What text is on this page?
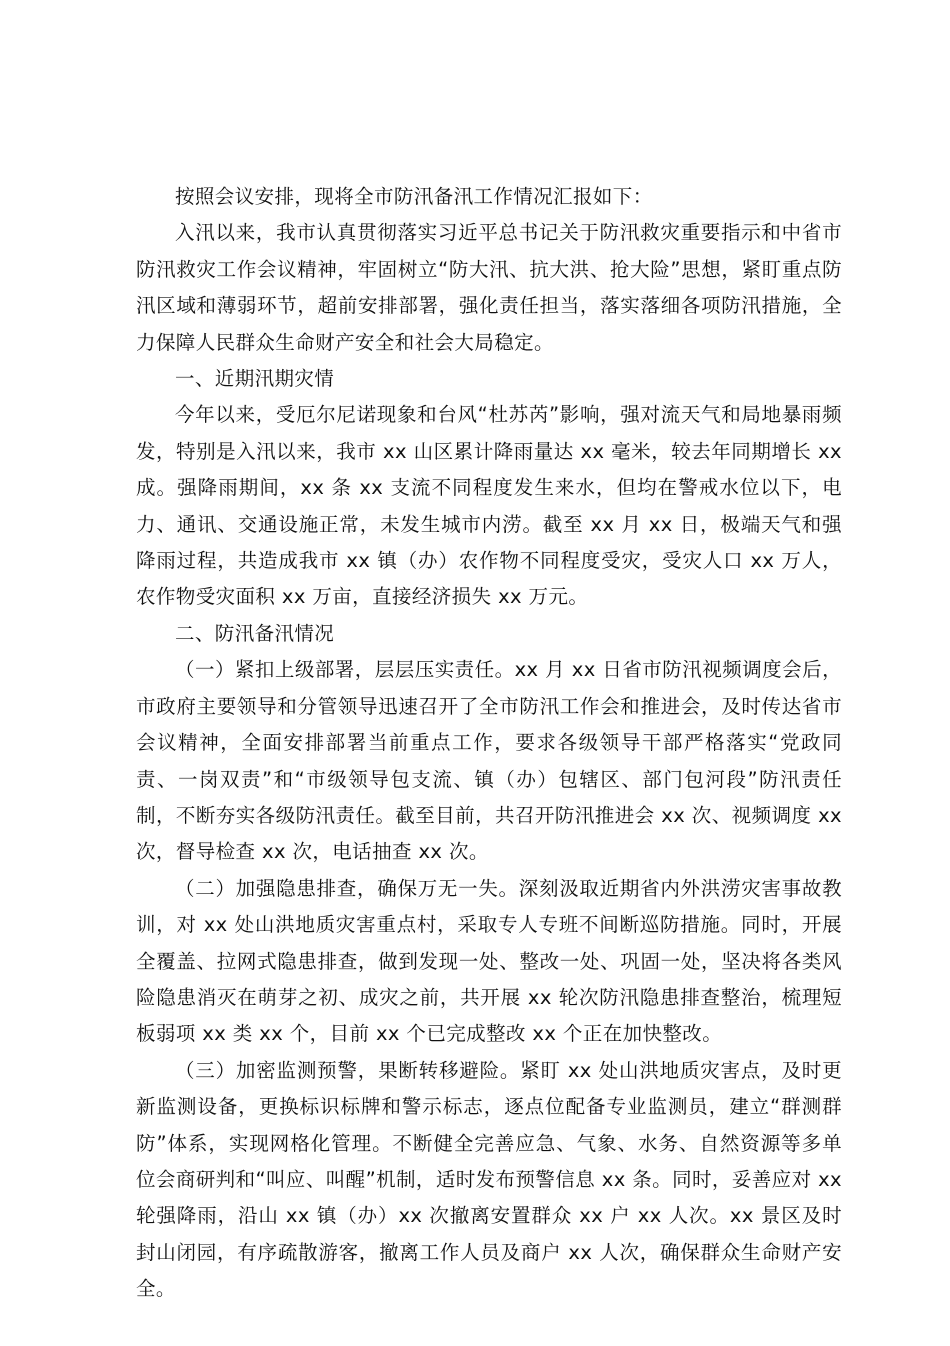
按照会议安排，现将全市防汛备汛工作情况汇报如下：

入汛以来，我市认真贯彻落实习近平总书记关于防汛救灾重要指示和中省市防汛救灾工作会议精神，牢固树立“防大汛、抗大洪、抢大险”思想，紧盯重点防汛区域和薄弱环节，超前安排部署，强化责任担当，落实落细各项防汛措施，全力保障人民群众生命财产安全和社会大局稳定。

一、近期汛期灾情

今年以来，受厄尔尼诺现象和台风“杜苏芮”影响，强对流天气和局地暴雨频发，特别是入汛以来，我市 xx 山区累计降雨量达 xx 毫米，较去年同期增长 xx 成。强降雨期间，xx 条 xx 支流不同程度发生来水，但均在警戒水位以下，电力、通讯、交通设施正常，未发生城市内涝。截至 xx 月 xx 日，极端天气和强降雨过程，共造成我市 xx 镇（办）农作物不同程度受灾，受灾人口 xx 万人，农作物受灾面积 xx 万亩，直接经济损失 xx 万元。

二、防汛备汛情况

（一）紧扣上级部署，层层压实责任。xx 月 xx 日省市防汛视频调度会后，市政府主要领导和分管领导迅速召开了全市防汛工作会和推进会，及时传达省市会议精神，全面安排部署当前重点工作，要求各级领导干部严格落实“党政同责、一岗双责”和“市级领导包支流、镇（办）包辖区、部门包河段”防汛责任制，不断夯实各级防汛责任。截至目前，共召开防汛推进会 xx 次、视频调度 xx 次，督导检查 xx 次，电话抽查 xx 次。

（二）加强隐患排查，确保万无一失。深刻汲取近期省内外洪涝灾害事故教训，对 xx 处山洪地质灾害重点村，采取专人专班不间断巡防措施。同时，开展全覆盖、拉网式隐患排查，做到发现一处、整改一处、巩固一处，坚决将各类风险隐患消灭在萌芽之初、成灾之前，共开展 xx 轮次防汛隐患排查整治，梳理短板弱项 xx 类 xx 个，目前 xx 个已完成整改 xx 个正在加快整改。

（三）加密监测预警，果断转移避险。紧盯 xx 处山洪地质灾害点，及时更新监测设备，更换标识标牌和警示标志，逐点位配备专业监测员，建立“群测群防”体系，实现网格化管理。不断健全完善应急、气象、水务、自然资源等多单位会商研判和“叫应、叫醒”机制，适时发布预警信息 xx 条。同时，妥善应对 xx 轮强降雨，沿山 xx 镇（办）xx 次撤离安置群众 xx 户 xx 人次。xx 景区及时封山闭园，有序疏散游客，撤离工作人员及商户 xx 人次，确保群众生命财产安全。
